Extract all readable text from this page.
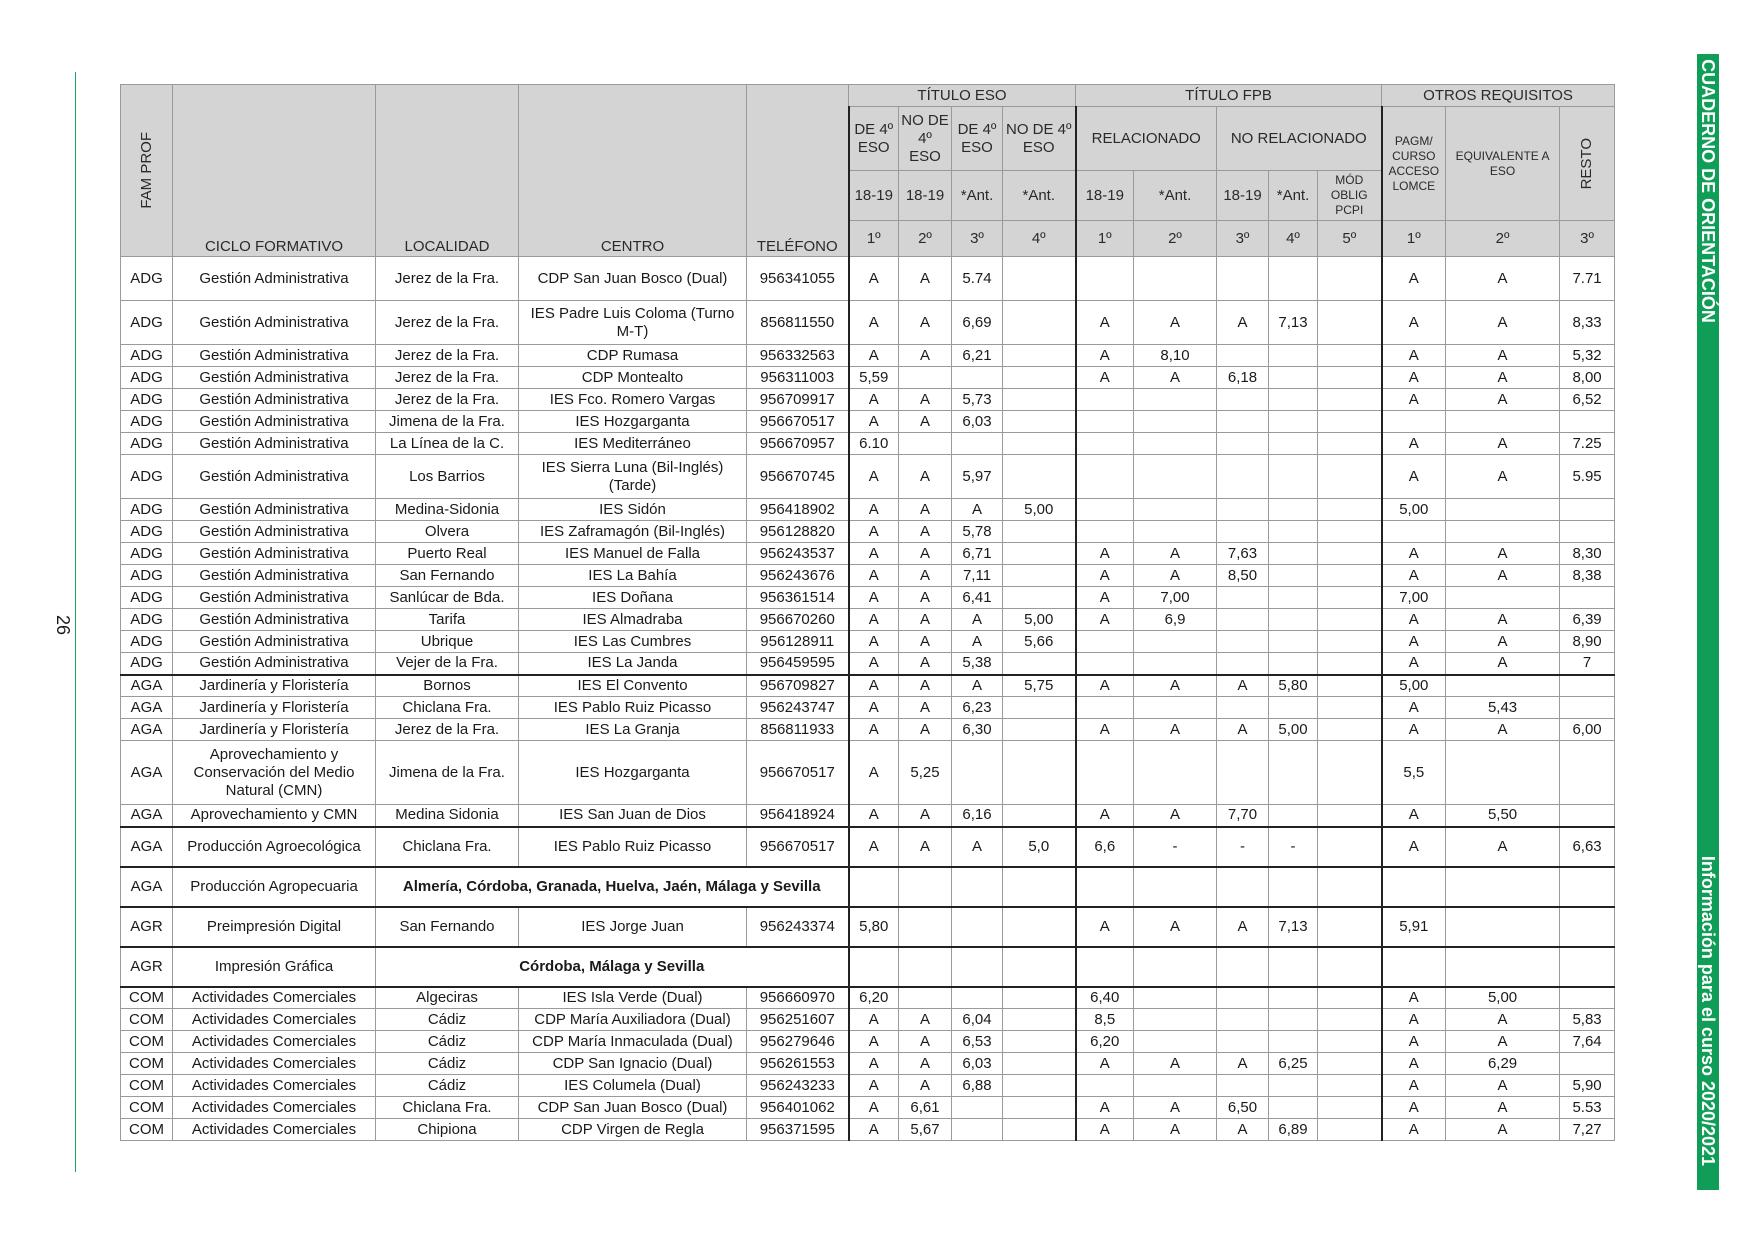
26
CUADERNO DE ORIENTACIÓN
Información para el curso 2020/2021
FAM PROF	CICLO FORMATIVO	LOCALIDAD	CENTRO	TELÉFONO	TÍTULO ESO				TÍTULO FPB					OTROS REQUISITOS		
					DE 4º ESO	NO DE 4º ESO	DE 4º ESO	NO DE 4º ESO	RELACIONADO		NO RELACIONADO			PAGM/ CURSO ACCESO LOMCE	EQUIVALENTE A ESO	RESTO

					18-19	18-19	*Ant.	*Ant.	18-19	*Ant.	18-19	*Ant.	MÓD OBLIG PCPI			
					1º	2º	3º	4º	1º	2º	3º	4º	5º	1º	2º	3º
ADG	Gestión Administrativa	Jerez de la Fra.	CDP San Juan Bosco (Dual)	956341055	A	A	5.74							A	A	7.71
ADG	Gestión Administrativa	Jerez de la Fra.	IES Padre Luis Coloma (Turno M-T)	856811550	A	A	6,69		A	A	A	7,13		A	A	8,33
ADG	Gestión Administrativa	Jerez de la Fra.	CDP Rumasa	956332563	A	A	6,21		A	8,10				A	A	5,32
ADG	Gestión Administrativa	Jerez de la Fra.	CDP Montealto	956311003	5,59				A	A	6,18			A	A	8,00
ADG	Gestión Administrativa	Jerez de la Fra.	IES Fco. Romero Vargas	956709917	A	A	5,73							A	A	6,52
ADG	Gestión Administrativa	Jimena de la Fra.	IES Hozgarganta	956670517	A	A	6,03									
ADG	Gestión Administrativa	La Línea de la C.	IES Mediterráneo	956670957	6.10									A	A	7.25
ADG	Gestión Administrativa	Los Barrios	IES Sierra Luna (Bil-Inglés) (Tarde)	956670745	A	A	5,97							A	A	5.95
ADG	Gestión Administrativa	Medina-Sidonia	IES Sidón	956418902	A	A	A	5,00						5,00		
ADG	Gestión Administrativa	Olvera	IES Zaframagón (Bil-Inglés)	956128820	A	A	5,78									
ADG	Gestión Administrativa	Puerto Real	IES Manuel de Falla	956243537	A	A	6,71		A	A	7,63			A	A	8,30
ADG	Gestión Administrativa	San Fernando	IES La Bahía	956243676	A	A	7,11		A	A	8,50			A	A	8,38
ADG	Gestión Administrativa	Sanlúcar de Bda.	IES Doñana	956361514	A	A	6,41		A	7,00				7,00		
ADG	Gestión Administrativa	Tarifa	IES Almadraba	956670260	A	A	A	5,00	A	6,9				A	A	6,39
ADG	Gestión Administrativa	Ubrique	IES Las Cumbres	956128911	A	A	A	5,66						A	A	8,90
ADG	Gestión Administrativa	Vejer de la Fra.	IES La Janda	956459595	A	A	5,38							A	A	7
AGA	Jardinería y Floristería	Bornos	IES El Convento	956709827	A	A	A	5,75	A	A	A	5,80		5,00		
AGA	Jardinería y Floristería	Chiclana Fra.	IES Pablo Ruiz Picasso	956243747	A	A	6,23							A	5,43	
AGA	Jardinería y Floristería	Jerez de la Fra.	IES La Granja	856811933	A	A	6,30		A	A	A	5,00		A	A	6,00
AGA	Aprovechamiento y Conservación del Medio Natural (CMN)	Jimena de la Fra.	IES Hozgarganta	956670517	A	5,25								5,5		
AGA	Aprovechamiento y CMN	Medina Sidonia	IES San Juan de Dios	956418924	A	A	6,16		A	A	7,70			A	5,50	
AGA	Producción Agroecológica	Chiclana Fra.	IES Pablo Ruiz Picasso	956670517	A	A	A	5,0	6,6	-	-	-		A	A	6,63
AGA	Producción Agropecuaria	Almería, Córdoba, Granada, Huelva, Jaén, Málaga y Sevilla														
AGR	Preimpresión Digital	San Fernando	IES Jorge Juan	956243374	5,80				A	A	A	7,13		5,91		
AGR	Impresión Gráfica	Córdoba, Málaga y Sevilla														
COM	Actividades Comerciales	Algeciras	IES Isla Verde (Dual)	956660970	6,20				6,40					A	5,00	
COM	Actividades Comerciales	Cádiz	CDP María Auxiliadora (Dual)	956251607	A	A	6,04		8,5					A	A	5,83
COM	Actividades Comerciales	Cádiz	CDP María Inmaculada (Dual)	956279646	A	A	6,53		6,20					A	A	7,64
COM	Actividades Comerciales	Cádiz	CDP San Ignacio (Dual)	956261553	A	A	6,03		A	A	A	6,25		A	6,29	
COM	Actividades Comerciales	Cádiz	IES Columela (Dual)	956243233	A	A	6,88							A	A	5,90
COM	Actividades Comerciales	Chiclana Fra.	CDP San Juan Bosco (Dual)	956401062	A	6,61			A	A	6,50			A	A	5.53
COM	Actividades Comerciales	Chipiona	CDP Virgen de Regla	956371595	A	5,67			A	A	A	6,89		A	A	7,27
